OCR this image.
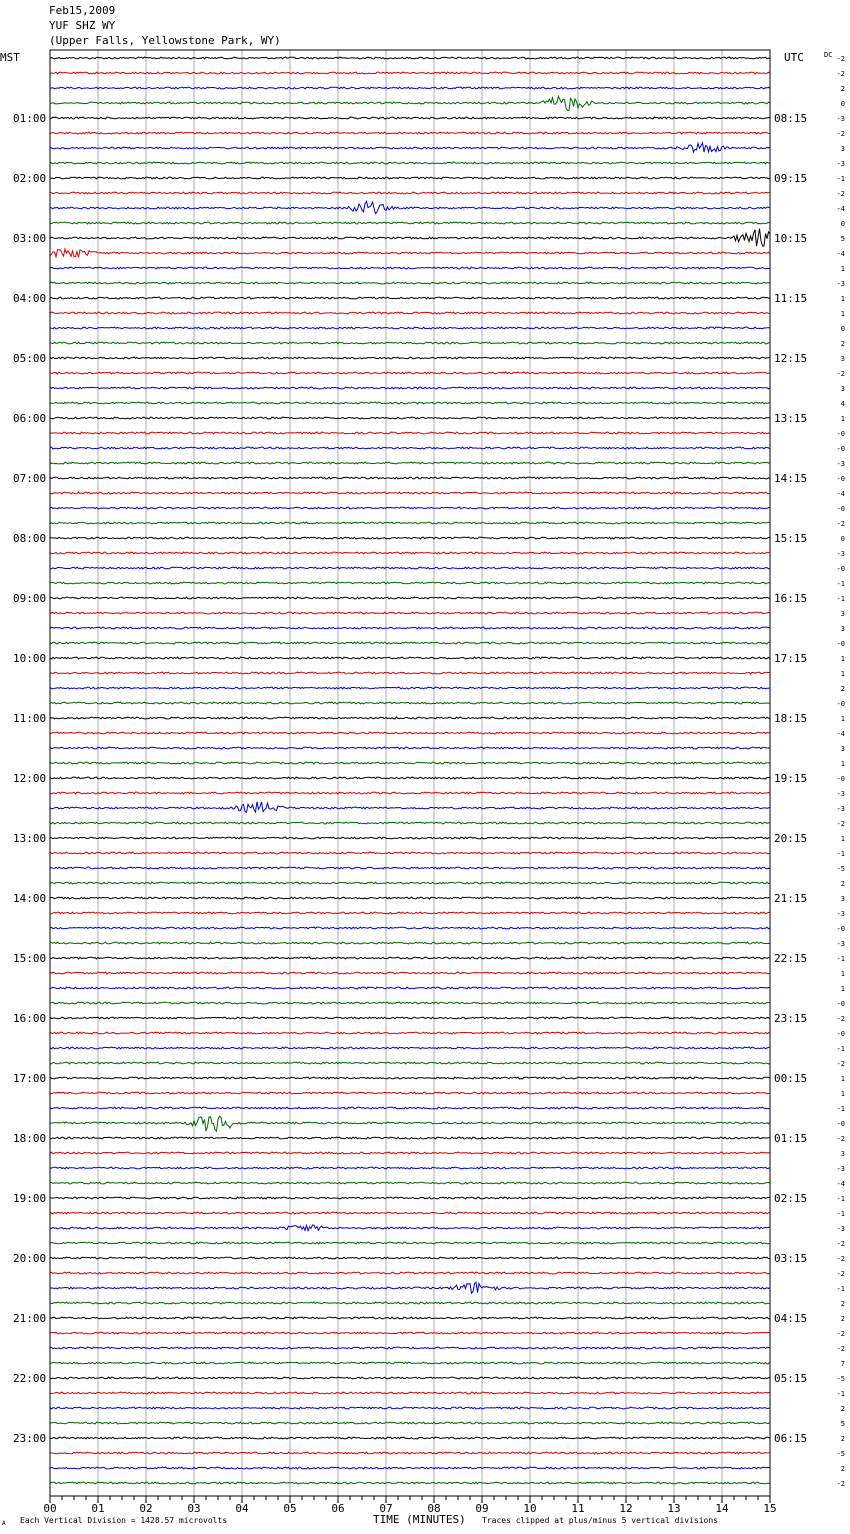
Feb15,2009
YUF SHZ WY
(Upper Falls, Yellowstone Park, WY)
MST	UTC	DC
01:00
02:00
03:00
04:00
05:00
06:00
07:00
08:00
09:00
10:00
11:00
12:00
13:00
14:00
15:00
16:00
17:00
18:00
19:00
20:00
21:00
22:00
23:00
08:15
09:15
10:15
11:15
12:15
13:15
14:15
15:15
16:15
17:15
18:15
19:15
20:15
21:15
22:15
23:15
00:15
01:15
02:15
03:15
04:15
05:15
06:15
-2
-2
2
0
-3
-2
3
-3
-1
-2
-4
0
5
-4
1
-3
1
1
0
2
3
-2
3
4
1
-0
-0
-3
-0
-4
-0
-2
0
-3
-0
-1
-1
3
3
-0
1
1
2
-0
1
-4
3
1
-0
-3
-3
-2
1
-1
-5
2
3
-3
-0
-3
-1
1
1
-0
-2
-0
-1
-2
1
1
-1
-0
-2
3
-3
-4
-1
-1
-3
-2
-2
-2
-1
2
2
-2
-2
7
-5
-1
2
5
2
-5
2
-2
00	01	02	03	04	05	06	07	08	09	10	11	12	13	14	15
TIME (MINUTES)
Each Vertical Division = 1428.57 microvolts	Traces clipped at plus/minus 5 vertical divisions
A
